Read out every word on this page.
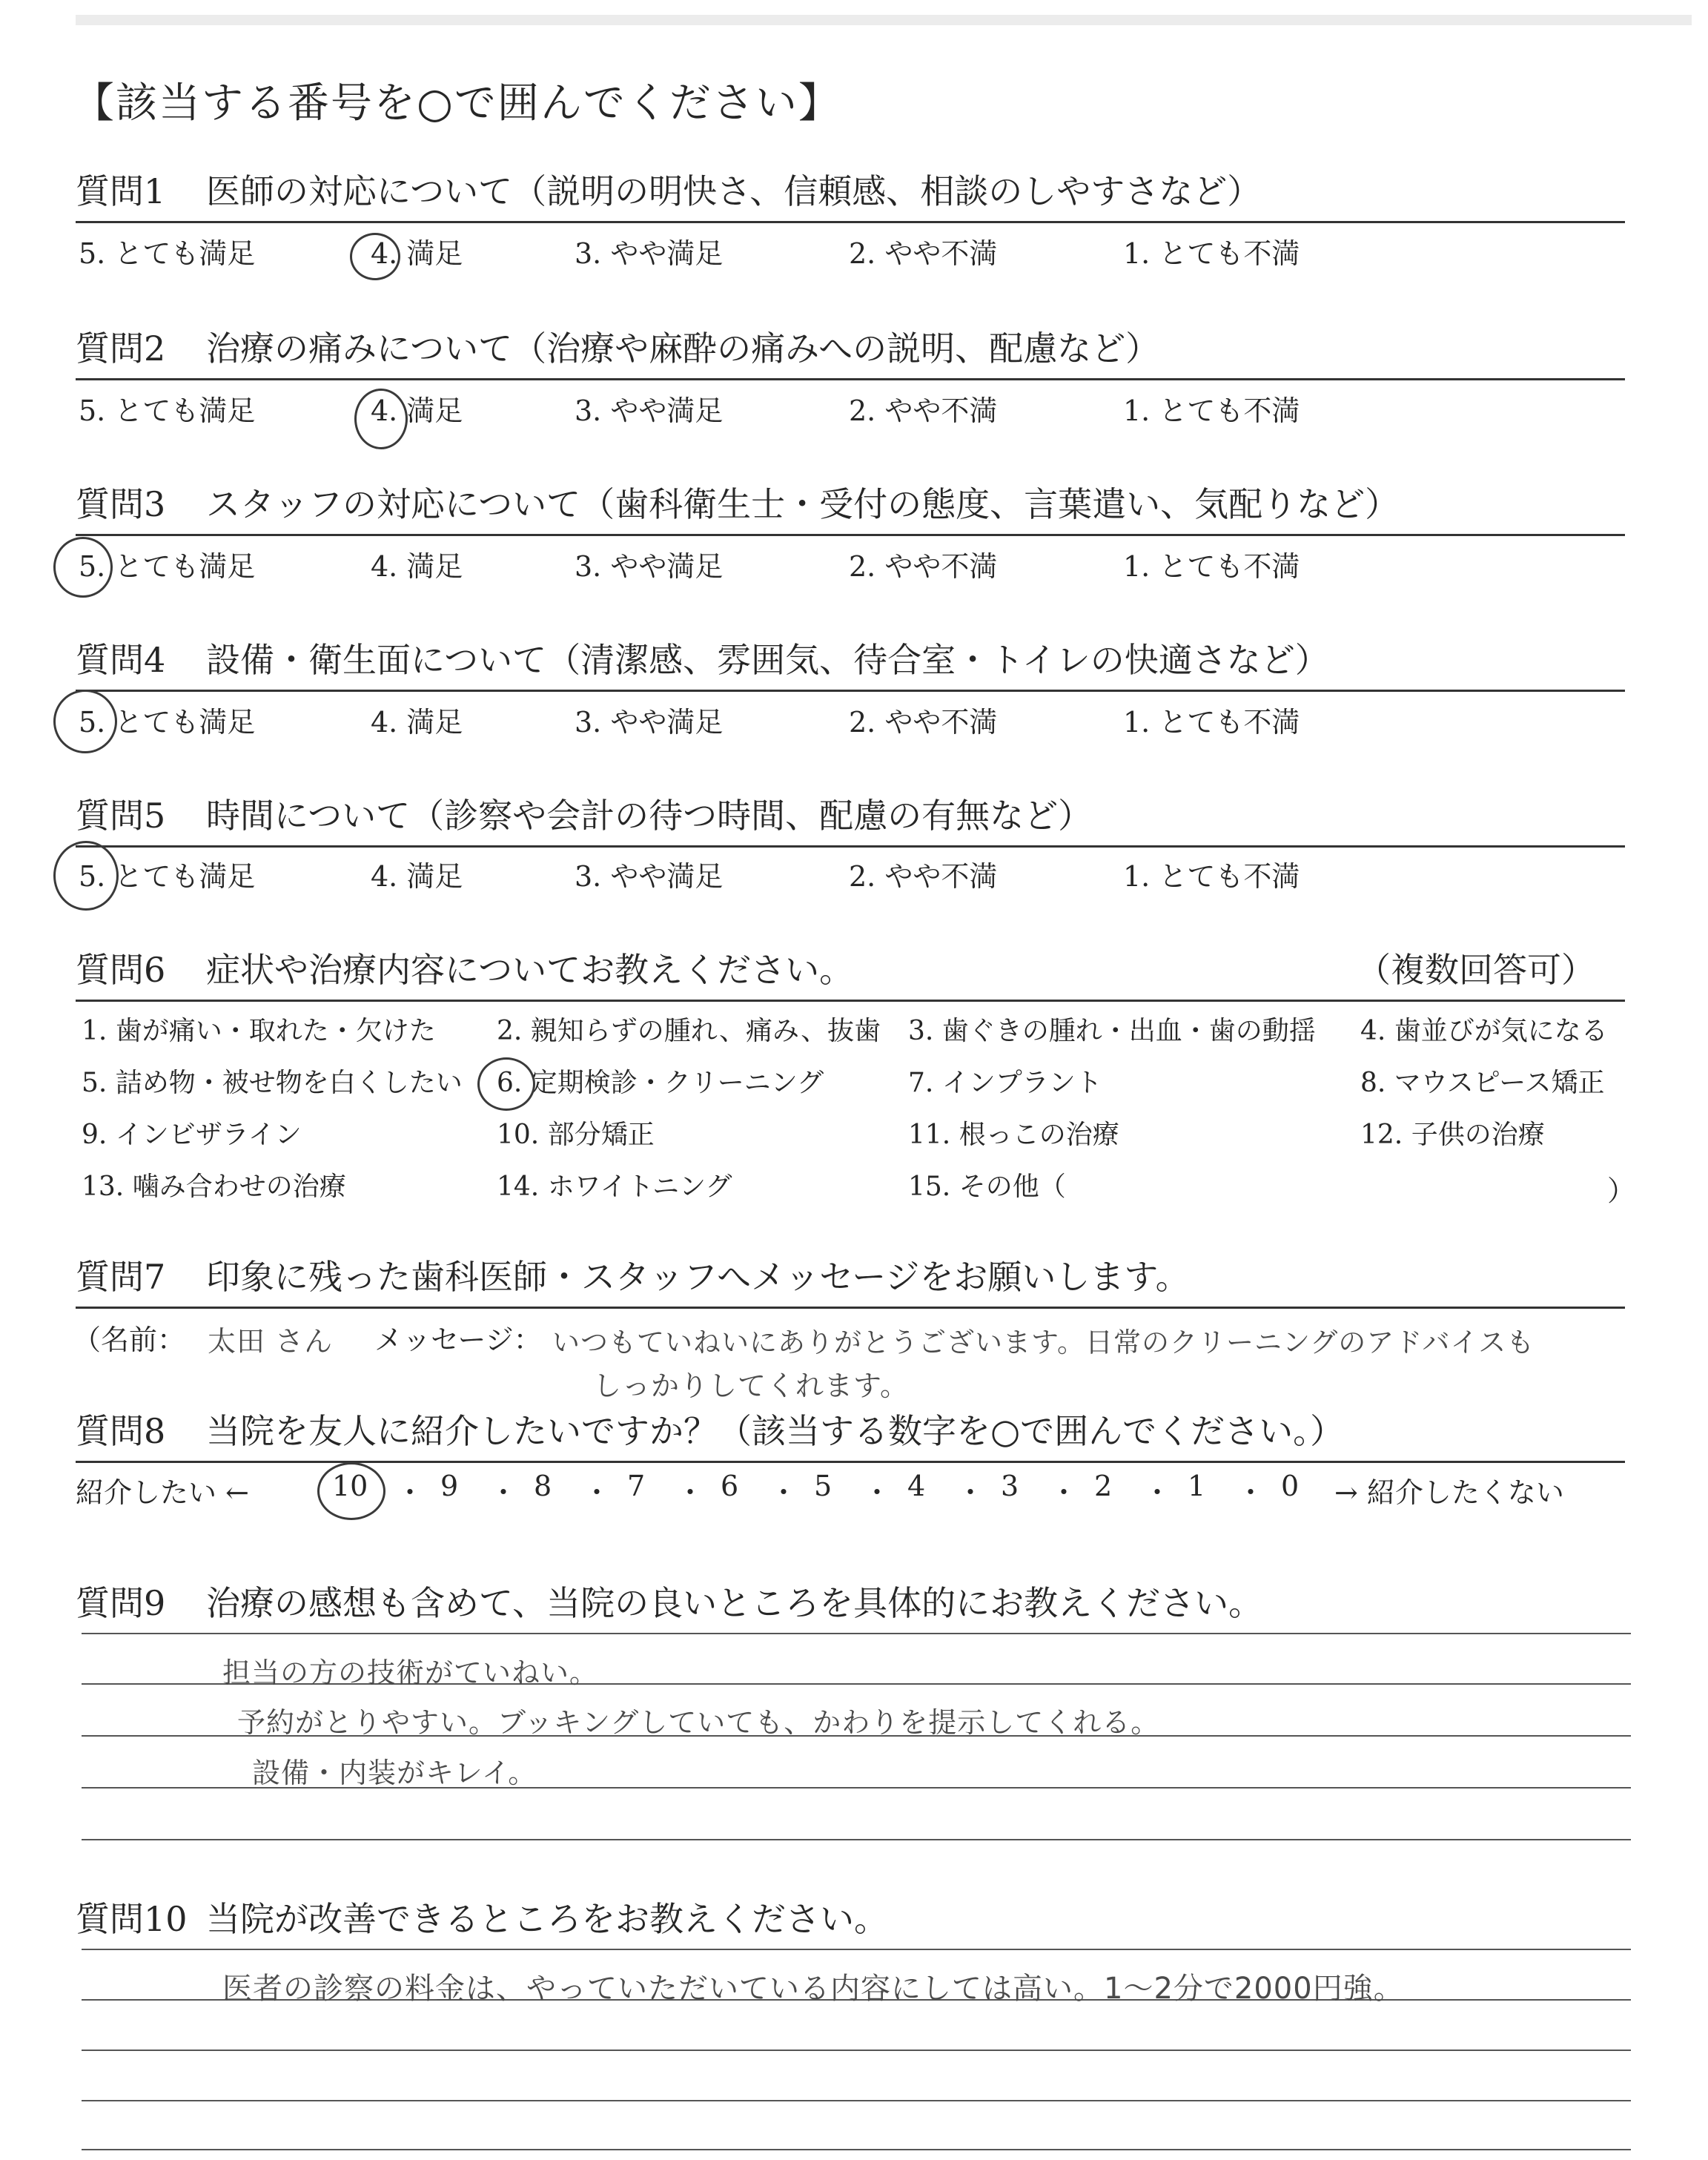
【該当する番号を○で囲んでください】
質問1 医師の対応について（説明の明快さ、信頼感、相談のしやすさなど）
5. とても満足	4. 満足	3. やや満足	2. やや不満	1. とても不満
質問2 治療の痛みについて（治療や麻酔の痛みへの説明、配慮など）
5. とても満足	4. 満足	3. やや満足	2. やや不満	1. とても不満
質問3 スタッフの対応について（歯科衛生士・受付の態度、言葉遣い、気配りなど）
5. とても満足	4. 満足	3. やや満足	2. やや不満	1. とても不満
質問4 設備・衛生面について（清潔感、雰囲気、待合室・トイレの快適さなど）
5. とても満足	4. 満足	3. やや満足	2. やや不満	1. とても不満
質問5 時間について（診察や会計の待つ時間、配慮の有無など）
5. とても満足	4. 満足	3. やや満足	2. やや不満	1. とても不満
質問6 症状や治療内容についてお教えください。	（複数回答可）
1. 歯が痛い・取れた・欠けた 2. 親知らずの腫れ、痛み、抜歯 3. 歯ぐきの腫れ・出血・歯の動揺 4. 歯並びが気になる
5. 詰め物・被せ物を白くしたい 6. 定期検診・クリーニング	7. インプラント	8. マウスピース矯正
9. インビザライン	10. 部分矯正	11. 根っこの治療	12. 子供の治療
13. 噛み合わせの治療	14. ホワイトニング	15. その他（	）
質問7 印象に残った歯科医師・スタッフへメッセージをお願いします。
（名前： 太田 さん メッセージ： いつもていねいにありがとうございます。日常のクリーニングのアドバイスも
しっかりしてくれます。
質問8 当院を友人に紹介したいですか？（該当する数字を○で囲んでください。）
紹介したい ←	10 ・ 9 ・ 8 ・ 7 ・ 6 ・ 5 ・ 4 ・ 3 ・ 2 ・ 1 ・ 0 → 紹介したくない
質問9 治療の感想も含めて、当院の良いところを具体的にお教えください。
担当の方の技術がていねい。
予約がとりやすい。ブッキングしていても、かわりを提示してくれる。
設備・内装がキレイ。
質問10 当院が改善できるところをお教えください。
医者の診察の料金は、やっていただいている内容にしては高い。1〜2分で2000円強。
